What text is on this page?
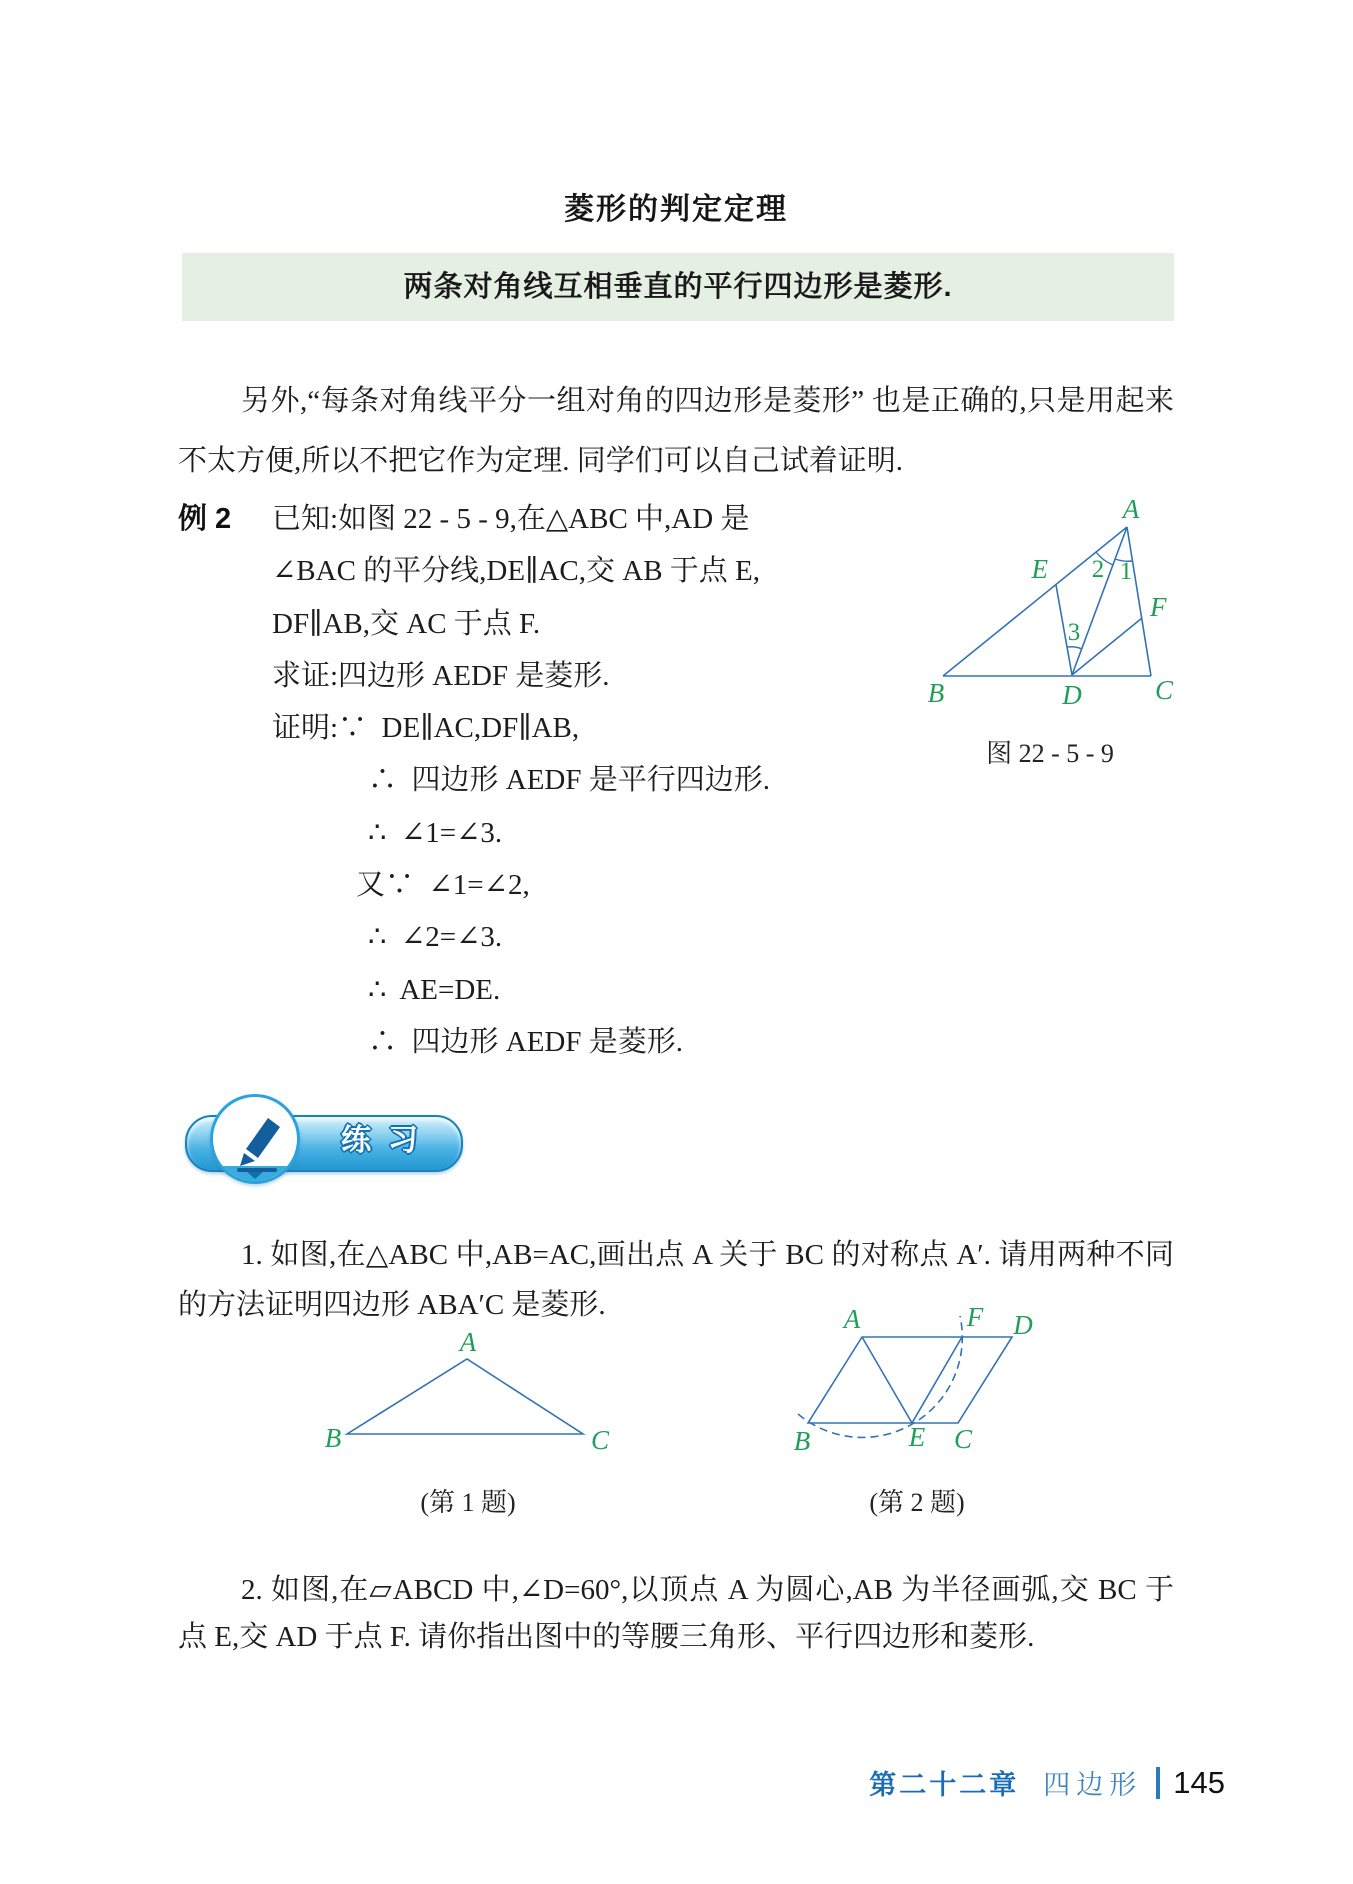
菱形的判定定理
两条对角线互相垂直的平行四边形是菱形.

另外,“每条对角线平分一组对角的四边形是菱形” 也是正确的,只是用起来不太方便,所以不把它作为定理. 同学们可以自己试着证明.

例 2 已知:如图 22 - 5 - 9,在△ABC 中,AD 是
∠BAC 的平分线,DE∥AC,交 AB 于点 E,
DF∥AB,交 AC 于点 F.
求证:四边形 AEDF 是菱形.
证明:∵  DE∥AC,DF∥AB,
∴  四边形 AEDF 是平行四边形.
∴  ∠1=∠3.
又∵  ∠1=∠2,
∴  ∠2=∠3.
∴  AE=DE.
∴  四边形 AEDF 是菱形.
A
E
F
B	D	C
2 1
3
图 22 - 5 - 9
练  习

1. 如图,在△ABC 中,AB=AC,画出点 A 关于 BC 的对称点 A′. 请用两种不同的方法证明四边形 ABA′C 是菱形.

A
B	C
(第 1 题)
A	F D
B	E C
(第 2 题)

2. 如图,在▱ABCD 中,∠D=60°,以顶点 A 为圆心,AB 为半径画弧,交 BC 于点 E,交 AD 于点 F. 请你指出图中的等腰三角形、平行四边形和菱形.

第二十二章 四边形 145
